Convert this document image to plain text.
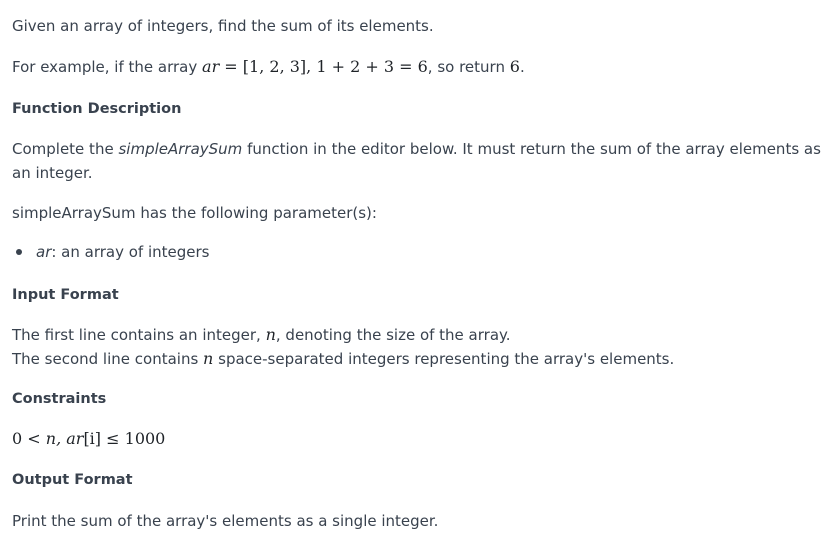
Given an array of integers, find the sum of its elements.
For example, if the array ar = [1, 2, 3], 1 + 2 + 3 = 6, so return 6.
Function Description
Complete the simpleArraySum function in the editor below. It must return the sum of the array elements as an integer.
simpleArraySum has the following parameter(s):
ar: an array of integers
Input Format
The first line contains an integer, n, denoting the size of the array.
The second line contains n space-separated integers representing the array's elements.
Constraints
0 < n, ar[i] ≤ 1000
Output Format
Print the sum of the array's elements as a single integer.
